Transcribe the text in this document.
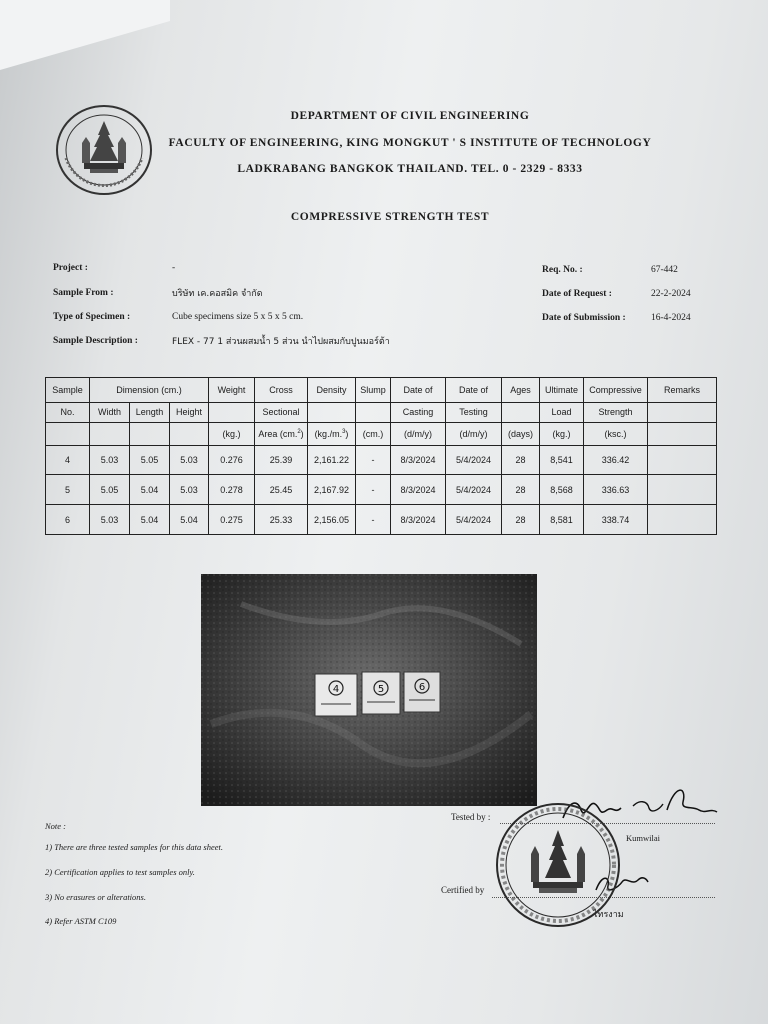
DEPARTMENT OF CIVIL ENGINEERING
FACULTY OF ENGINEERING, KING MONGKUT ' S INSTITUTE OF TECHNOLOGY
LADKRABANG BANGKOK THAILAND. TEL. 0 - 2329 - 8333
COMPRESSIVE STRENGTH TEST
Project :	-
Sample From :	บริษัท เค.คอสมิค จำกัด
Type of Specimen :	Cube specimens size 5 x 5 x 5 cm.
Sample Description :	FLEX - 77 1 ส่วนผสมน้ำ 5 ส่วน นำไปผสมกับปูนมอร์ต้า
Req. No. :	67-442
Date of Request :	22-2-2024
Date of Submission :	16-4-2024
Sample	Dimension (cm.)			Weight	Cross	Density	Slump	Date of	Date of	Ages	Ultimate	Compressive	Remarks
No.	Width	Length	Height		Sectional			Casting	Testing		Load	Strength	
				(kg.)	Area (cm.$^2$)	(kg./m.$^3$)	(cm.)	(d/m/y)	(d/m/y)	(days)	(kg.)	(ksc.)	
4	5.03	5.05	5.03	0.276	25.39	2,161.22	-	8/3/2024	5/4/2024	28	8,541	336.42	
5	5.05	5.04	5.03	0.278	25.45	2,167.92	-	8/3/2024	5/4/2024	28	8,568	336.63	
6	5.03	5.04	5.04	0.275	25.33	2,156.05	-	8/3/2024	5/4/2024	28	8,581	338.74	
4	5	6
Note :
1) There are three tested samples for this data sheet.
2) Certification applies to test samples only.
3) No erasures or alterations.
4) Refer ASTM C109
Tested by :
Kumwilai
Certified by
ไทรงาม
